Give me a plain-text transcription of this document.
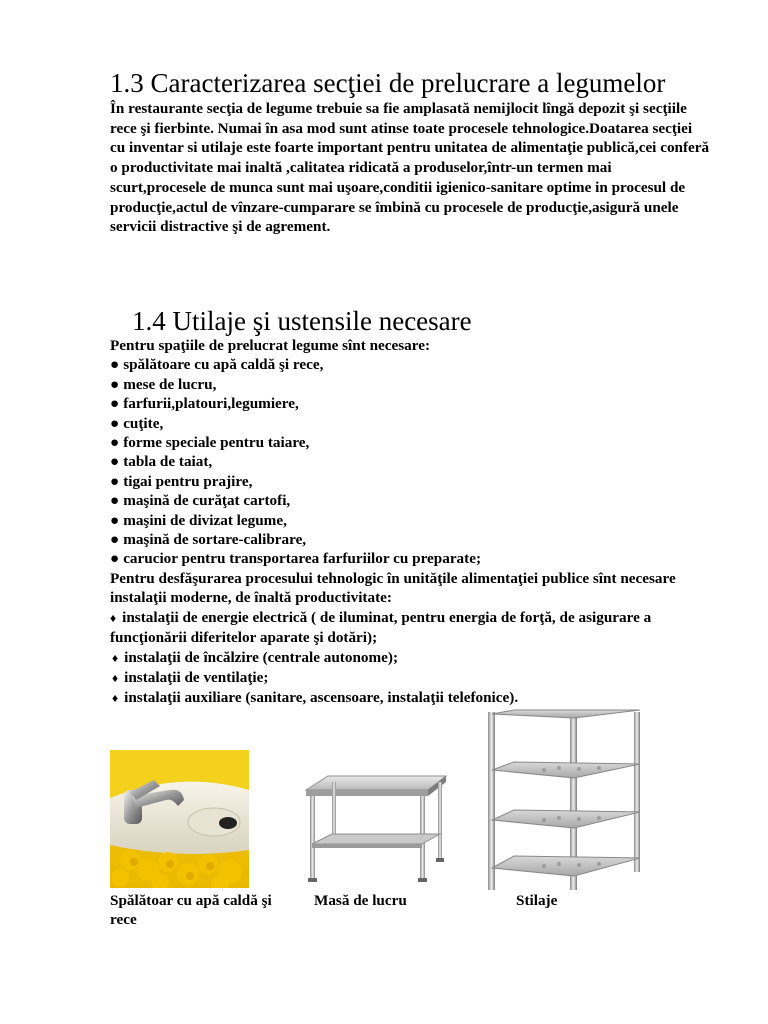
1.3 Caracterizarea secţiei de prelucrare a legumelor

În restaurante secţia de legume trebuie sa fie amplasată nemijlocit lîngă depozit şi secţiile rece şi fierbinte. Numai în asa mod sunt atinse toate procesele tehnologice.Doatarea secţiei cu inventar si utilaje este foarte important pentru unitatea de alimentaţie publică,cei conferă o productivitate mai inaltă ,calitatea ridicată a produselor,într-un termen mai scurt,procesele de munca sunt mai uşoare,conditii igienico-sanitare optime in procesul de producţie,actul de vînzare-cumparare se îmbină cu procesele de producţie,asigură unele servicii distractive şi de agrement.

1.4 Utilaje şi ustensile necesare
Pentru spaţiile de prelucrat legume sînt necesare:
● spălătoare cu apă caldă şi rece,
● mese de lucru,
● farfurii,platouri,legumiere,
● cuţite,
● forme speciale pentru taiare,
● tabla de taiat,
● tigai pentru prajire,
● maşină de curăţat cartofi,
● maşini de divizat legume,
● maşină de sortare-calibrare,
● carucior pentru transportarea farfuriilor cu preparate;
Pentru desfăşurarea procesului tehnologic în unităţile alimentaţiei publice sînt necesare instalaţii moderne, de înaltă productivitate:
♦ instalaţii de energie electrică ( de iluminat, pentru energia de forţă, de asigurare a funcţionării diferitelor aparate şi dotări);
♦ instalaţii de încălzire (centrale autonome);
♦ instalaţii de ventilaţie;
♦ instalaţii auxiliare (sanitare, ascensoare, instalaţii telefonice).
Spălătoar cu apă caldă şi rece
Masă de lucru	Stilaje
